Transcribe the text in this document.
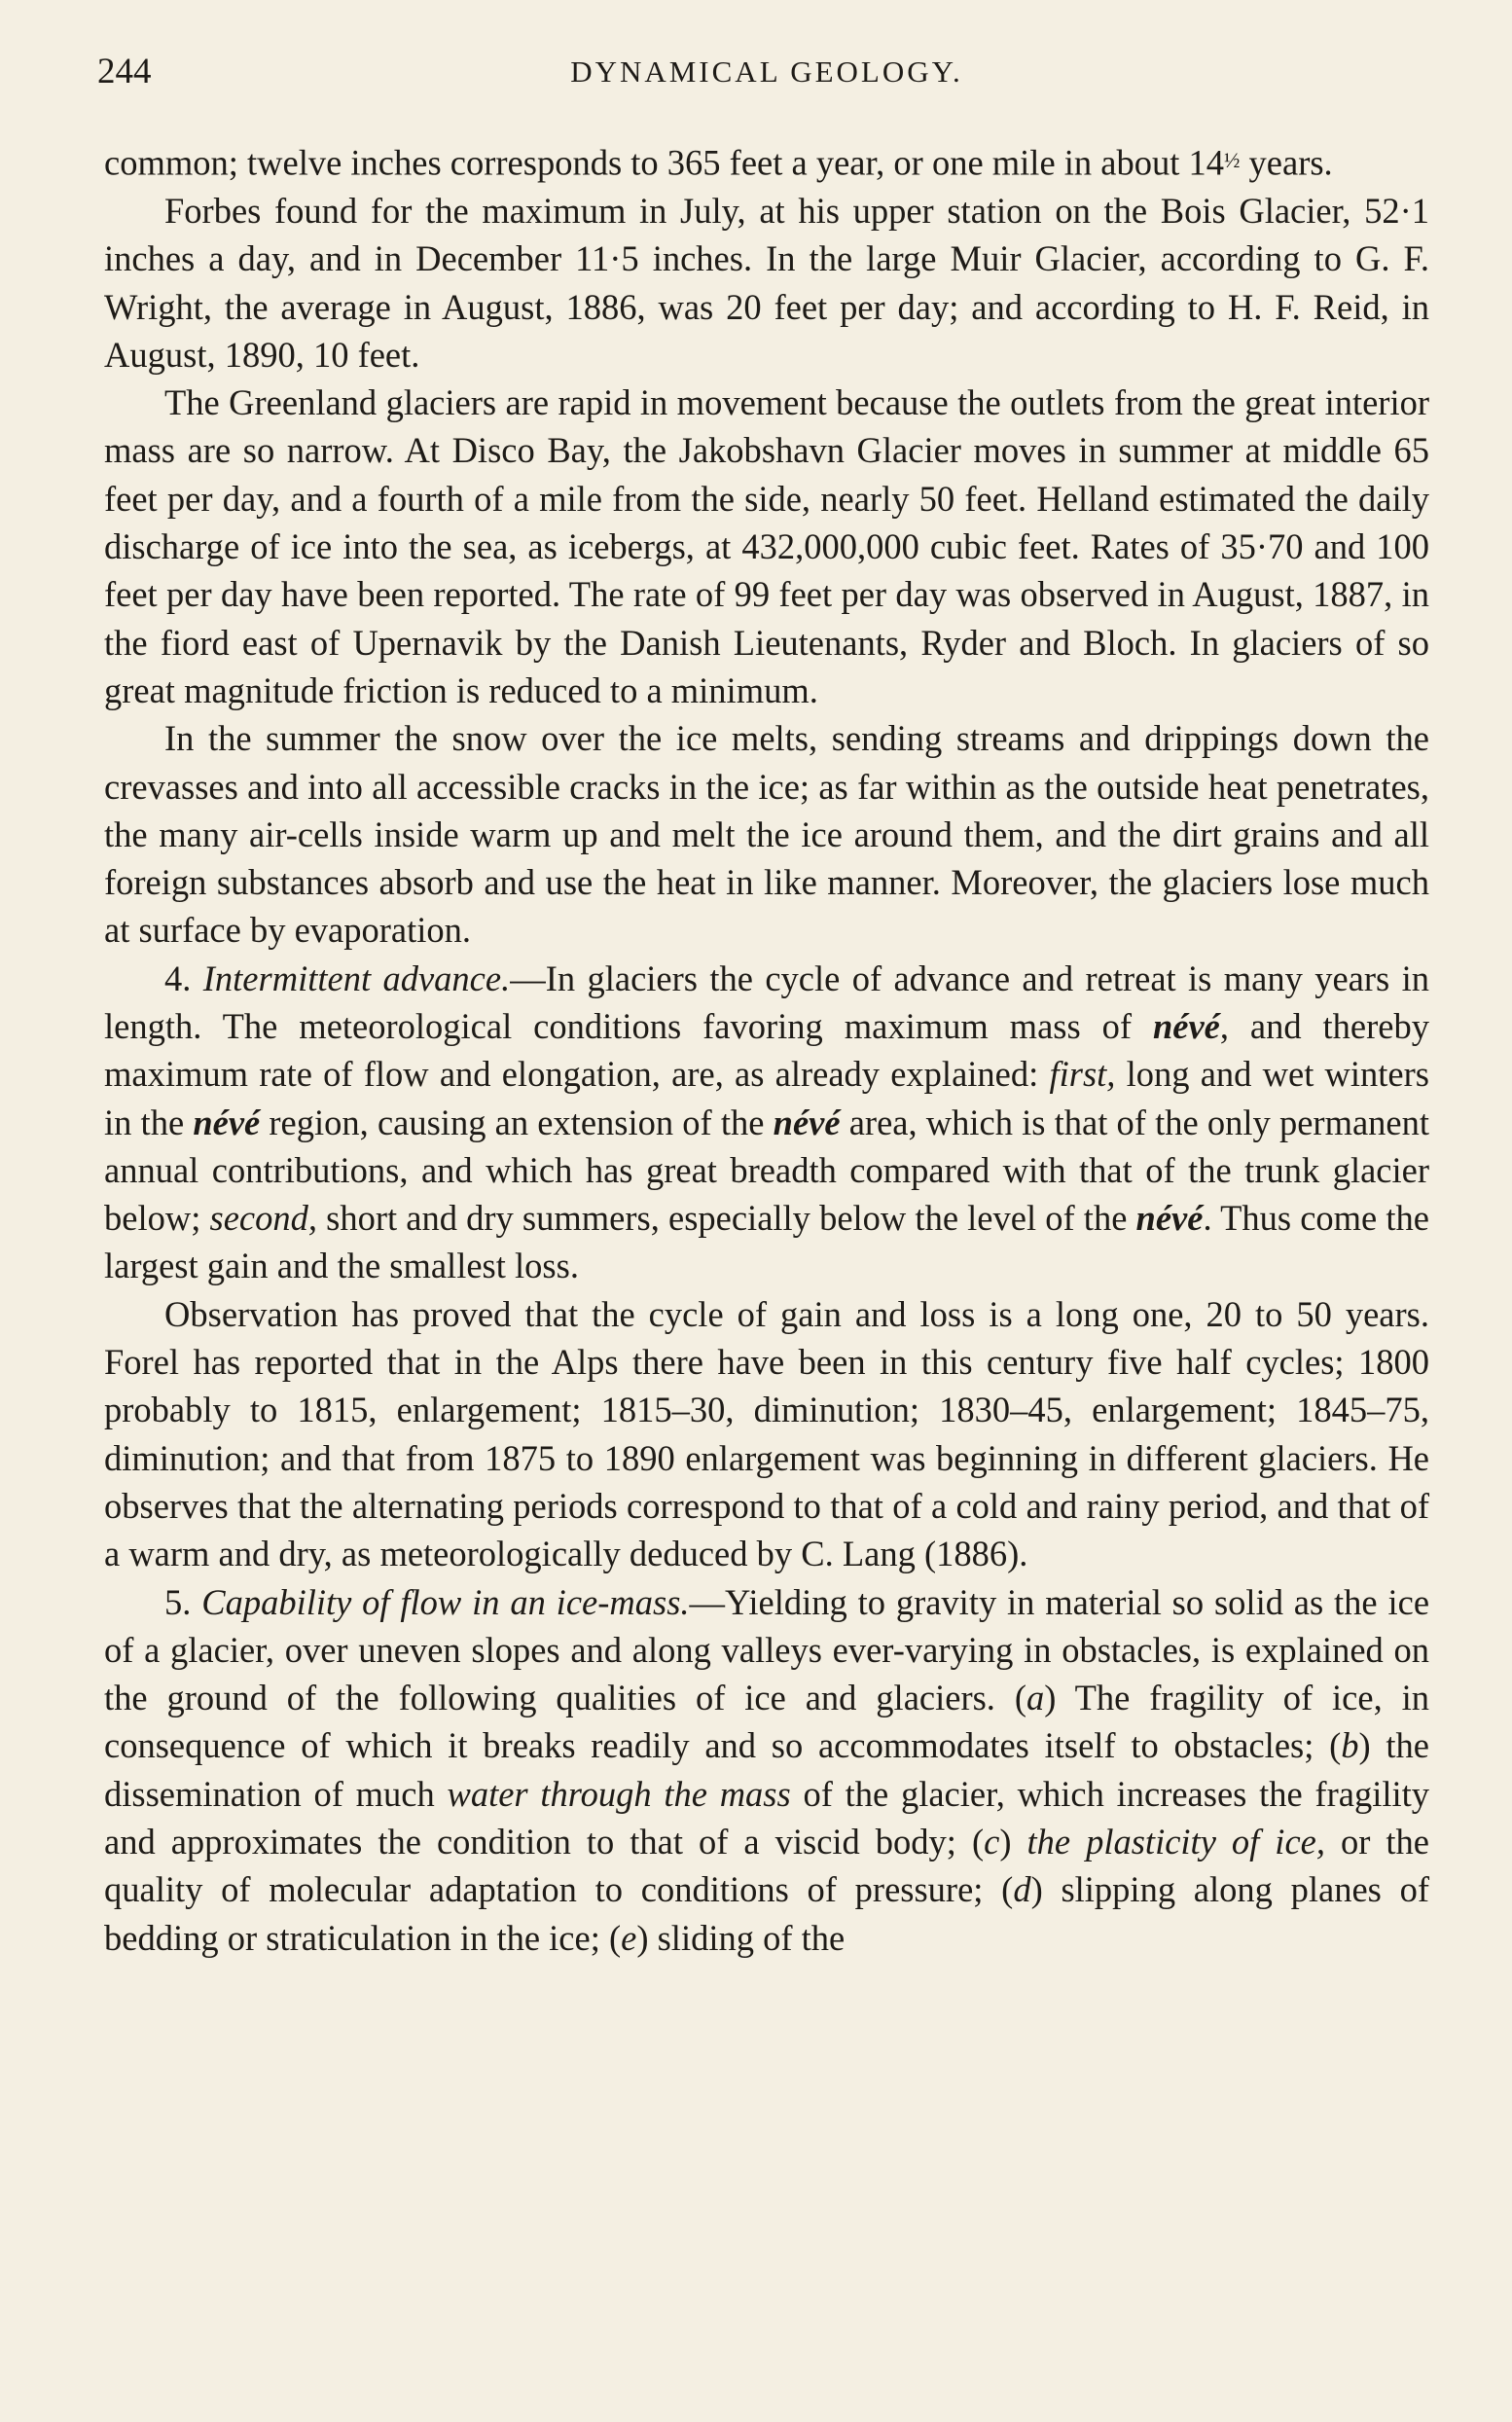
244	DYNAMICAL GEOLOGY.

common; twelve inches corresponds to 365 feet a year, or one mile in about $14^{\frac{1}{2}}$ years.

Forbes found for the maximum in July, at his upper station on the Bois Glacier, 52·1 inches a day, and in December 11·5 inches. In the large Muir Glacier, according to G. F. Wright, the average in August, 1886, was 20 feet per day; and according to H. F. Reid, in August, 1890, 10 feet.

The Greenland glaciers are rapid in movement because the outlets from the great interior mass are so narrow. At Disco Bay, the Jakobshavn Glacier moves in summer at middle 65 feet per day, and a fourth of a mile from the side, nearly 50 feet. Helland estimated the daily discharge of ice into the sea, as icebergs, at 432,000,000 cubic feet. Rates of 35·70 and 100 feet per day have been reported. The rate of 99 feet per day was observed in August, 1887, in the fiord east of Upernavik by the Danish Lieutenants, Ryder and Bloch. In glaciers of so great magnitude friction is reduced to a minimum.

In the summer the snow over the ice melts, sending streams and drippings down the crevasses and into all accessible cracks in the ice; as far within as the outside heat penetrates, the many air-cells inside warm up and melt the ice around them, and the dirt grains and all foreign substances absorb and use the heat in like manner. Moreover, the glaciers lose much at surface by evaporation.

4. Intermittent advance.—In glaciers the cycle of advance and retreat is many years in length. The meteorological conditions favoring maximum mass of névé, and thereby maximum rate of flow and elongation, are, as already explained: first, long and wet winters in the névé region, causing an extension of the névé area, which is that of the only permanent annual contributions, and which has great breadth compared with that of the trunk glacier below; second, short and dry summers, especially below the level of the névé. Thus come the largest gain and the smallest loss.

Observation has proved that the cycle of gain and loss is a long one, 20 to 50 years. Forel has reported that in the Alps there have been in this century five half cycles; 1800 probably to 1815, enlargement; 1815–30, diminution; 1830–45, enlargement; 1845–75, diminution; and that from 1875 to 1890 enlargement was beginning in different glaciers. He observes that the alternating periods correspond to that of a cold and rainy period, and that of a warm and dry, as meteorologically deduced by C. Lang (1886).

5. Capability of flow in an ice-mass.—Yielding to gravity in material so solid as the ice of a glacier, over uneven slopes and along valleys ever-varying in obstacles, is explained on the ground of the following qualities of ice and glaciers. (a) The fragility of ice, in consequence of which it breaks readily and so accommodates itself to obstacles; (b) the dissemination of much water through the mass of the glacier, which increases the fragility and approximates the condition to that of a viscid body; (c) the plasticity of ice, or the quality of molecular adaptation to conditions of pressure; (d) slipping along planes of bedding or straticulation in the ice; (e) sliding of the
